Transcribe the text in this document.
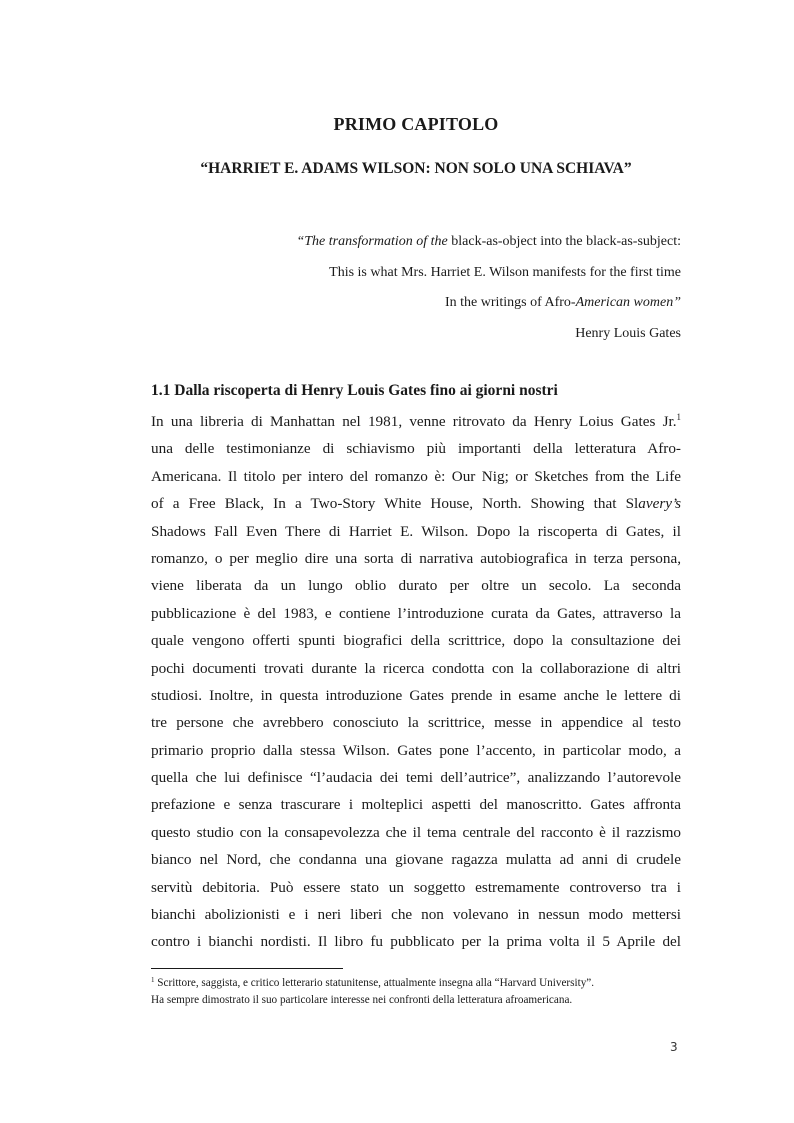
PRIMO CAPITOLO
“HARRIET E. ADAMS WILSON: NON SOLO UNA SCHIAVA”
“The transformation of the black-as-object into the black-as-subject:
This is what Mrs. Harriet E. Wilson manifests for the first time
In the writings of Afro-American women”
Henry Louis Gates
1.1 Dalla riscoperta di Henry Louis Gates fino ai giorni nostri
In una libreria di Manhattan nel 1981, venne ritrovato da Henry Loius Gates Jr.$^1$
una delle testimonianze di schiavismo più importanti della letteratura Afro-
Americana. Il titolo per intero del romanzo è: Our Nig; or Sketches from the Life
of a Free Black, In a Two-Story White House, North. Showing that Slavery’s
Shadows Fall Even There di Harriet E. Wilson. Dopo la riscoperta di Gates, il
romanzo, o per meglio dire una sorta di narrativa autobiografica in terza persona,
viene liberata da un lungo oblio durato per oltre un secolo. La seconda
pubblicazione è del 1983, e contiene l’introduzione curata da Gates, attraverso la
quale vengono offerti spunti biografici della scrittrice, dopo la consultazione dei
pochi documenti trovati durante la ricerca condotta con la collaborazione di altri
studiosi. Inoltre, in questa introduzione Gates prende in esame anche le lettere di
tre persone che avrebbero conosciuto la scrittrice, messe in appendice al testo
primario proprio dalla stessa Wilson. Gates pone l’accento, in particolar modo, a
quella che lui definisce “l’audacia dei temi dell’autrice”, analizzando l’autorevole
prefazione e senza trascurare i molteplici aspetti del manoscritto. Gates affronta
questo studio con la consapevolezza che il tema centrale del racconto è il razzismo
bianco nel Nord, che condanna una giovane ragazza mulatta ad anni di crudele
servitù debitoria. Può essere stato un soggetto estremamente controverso tra i
bianchi abolizionisti e i neri liberi che non volevano in nessun modo mettersi
contro i bianchi nordisti. Il libro fu pubblicato per la prima volta il 5 Aprile del
$^1$ Scrittore, saggista, e critico letterario statunitense, attualmente insegna alla “Harvard University”.
Ha sempre dimostrato il suo particolare interesse nei confronti della letteratura afroamericana.
3
